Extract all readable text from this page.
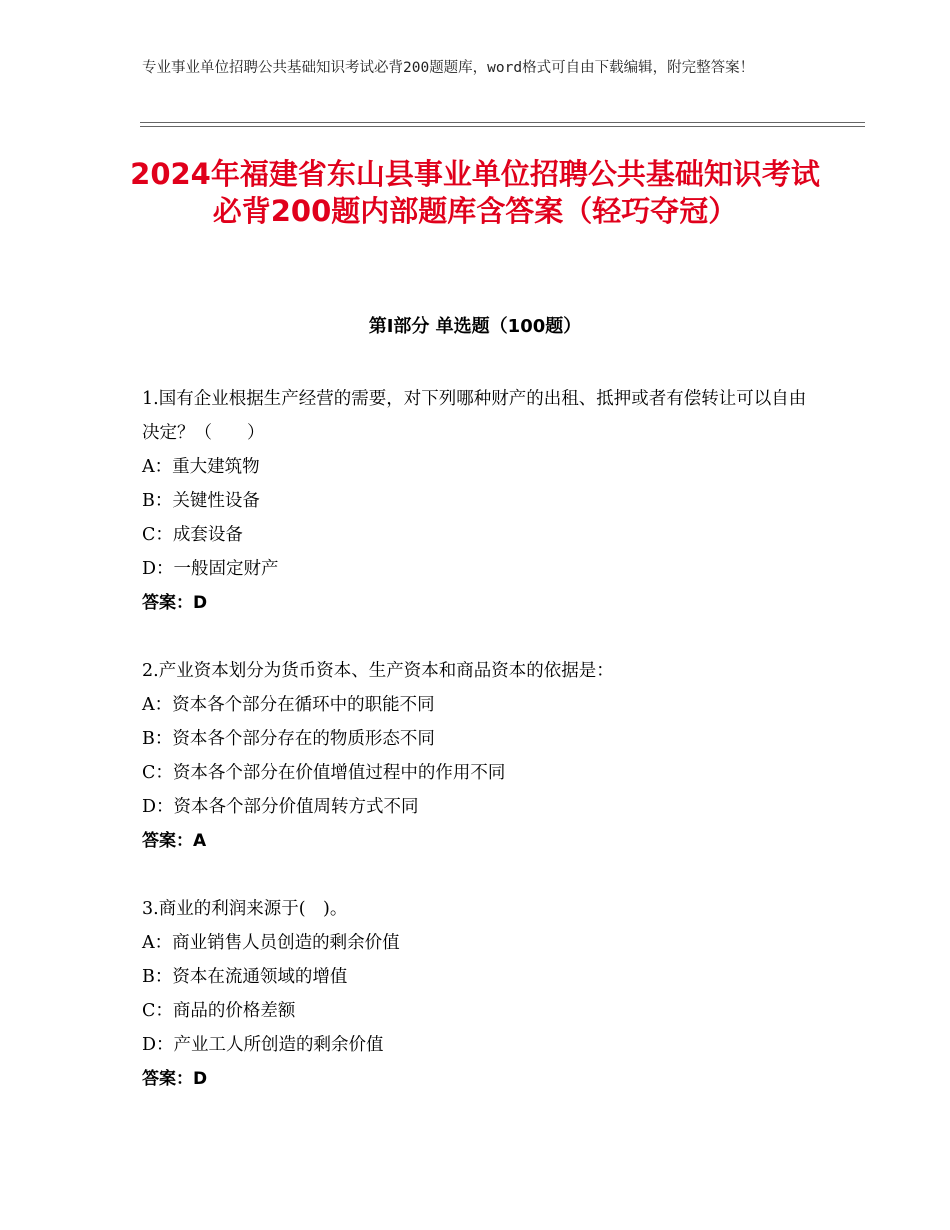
专业事业单位招聘公共基础知识考试必背200题题库，word格式可自由下载编辑，附完整答案！
2024年福建省东山县事业单位招聘公共基础知识考试必背200题内部题库含答案（轻巧夺冠）
第Ⅰ部分 单选题（100题）

1.国有企业根据生产经营的需要，对下列哪种财产的出租、抵押或者有偿转让可以自由决定？（　　）

A：重大建筑物

B：关键性设备

C：成套设备

D：一般固定财产

答案：D

2.产业资本划分为货币资本、生产资本和商品资本的依据是：

A：资本各个部分在循环中的职能不同

B：资本各个部分存在的物质形态不同

C：资本各个部分在价值增值过程中的作用不同

D：资本各个部分价值周转方式不同

答案：A

3.商业的利润来源于(　)。

A：商业销售人员创造的剩余价值

B：资本在流通领域的增值

C：商品的价格差额

D：产业工人所创造的剩余价值

答案：D
